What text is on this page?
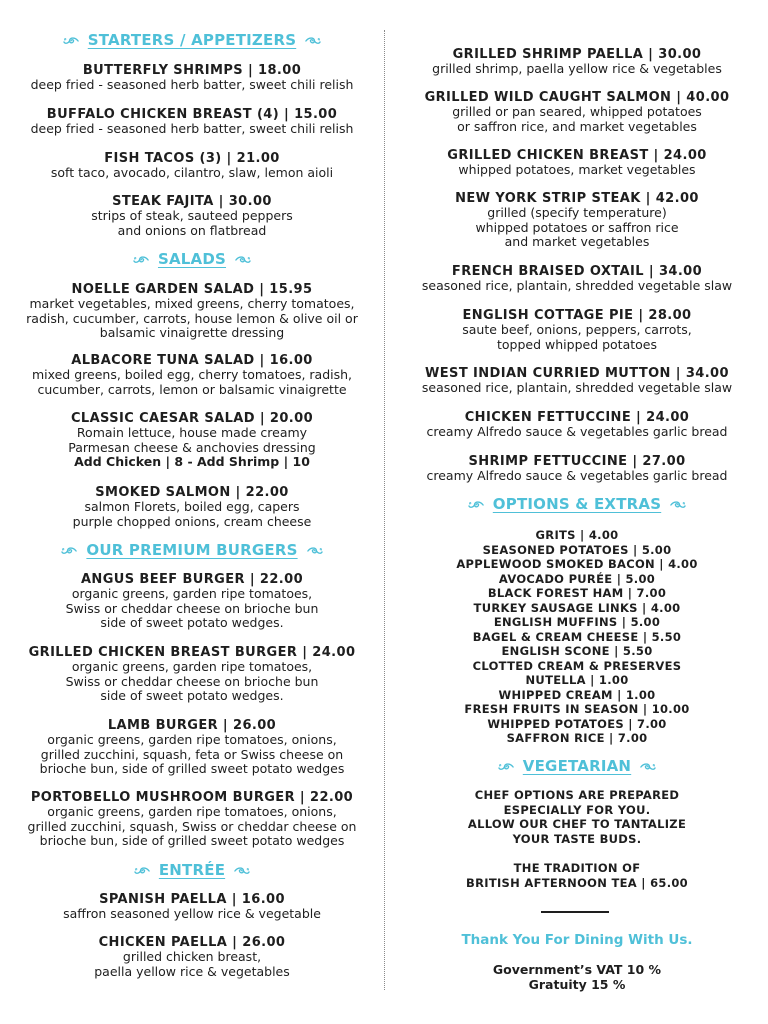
STARTERS / APPETIZERS
BUTTERFLY SHRIMPS | 18.00
deep fried - seasoned herb batter, sweet chili relish
BUFFALO CHICKEN BREAST (4) | 15.00
deep fried - seasoned herb batter, sweet chili relish
FISH TACOS (3) | 21.00
soft taco, avocado, cilantro, slaw, lemon aioli
STEAK FAJITA | 30.00
strips of steak, sauteed peppers
and onions on flatbread
SALADS
NOELLE GARDEN SALAD | 15.95
market vegetables, mixed greens, cherry tomatoes,
radish, cucumber, carrots, house lemon & olive oil or
balsamic vinaigrette dressing
ALBACORE TUNA SALAD | 16.00
mixed greens, boiled egg, cherry tomatoes, radish,
cucumber, carrots, lemon or balsamic vinaigrette
CLASSIC CAESAR SALAD | 20.00
Romain lettuce, house made creamy
Parmesan cheese & anchovies dressing
Add Chicken | 8 - Add Shrimp | 10
SMOKED SALMON | 22.00
salmon Florets, boiled egg, capers
purple chopped onions, cream cheese
OUR PREMIUM BURGERS
ANGUS BEEF BURGER | 22.00
organic greens, garden ripe tomatoes,
Swiss or cheddar cheese on brioche bun
side of sweet potato wedges.
GRILLED CHICKEN BREAST BURGER | 24.00
organic greens, garden ripe tomatoes,
Swiss or cheddar cheese on brioche bun
side of sweet potato wedges.
LAMB BURGER | 26.00
organic greens, garden ripe tomatoes, onions,
grilled zucchini, squash, feta or Swiss cheese on
brioche bun, side of grilled sweet potato wedges
PORTOBELLO MUSHROOM BURGER | 22.00
organic greens, garden ripe tomatoes, onions,
grilled zucchini, squash, Swiss or cheddar cheese on
brioche bun, side of grilled sweet potato wedges
ENTRÉE
SPANISH PAELLA | 16.00
saffron seasoned yellow rice & vegetable
CHICKEN PAELLA | 26.00
grilled chicken breast,
paella yellow rice & vegetables
GRILLED SHRIMP PAELLA | 30.00
grilled shrimp, paella yellow rice & vegetables
GRILLED WILD CAUGHT SALMON | 40.00
grilled or pan seared, whipped potatoes
or saffron rice, and market vegetables
GRILLED CHICKEN BREAST | 24.00
whipped potatoes, market vegetables
NEW YORK STRIP STEAK | 42.00
grilled (specify temperature)
whipped potatoes or saffron rice
and market vegetables
FRENCH BRAISED OXTAIL | 34.00
seasoned rice, plantain, shredded vegetable slaw
ENGLISH COTTAGE PIE | 28.00
saute beef, onions, peppers, carrots,
topped whipped potatoes
WEST INDIAN CURRIED MUTTON | 34.00
seasoned rice, plantain, shredded vegetable slaw
CHICKEN FETTUCCINE | 24.00
creamy Alfredo sauce & vegetables garlic bread
SHRIMP FETTUCCINE | 27.00
creamy Alfredo sauce & vegetables garlic bread
OPTIONS & EXTRAS
GRITS | 4.00
SEASONED POTATOES | 5.00
APPLEWOOD SMOKED BACON | 4.00
AVOCADO PURÉE | 5.00
BLACK FOREST HAM | 7.00
TURKEY SAUSAGE LINKS | 4.00
ENGLISH MUFFINS | 5.00
BAGEL & CREAM CHEESE | 5.50
ENGLISH SCONE | 5.50
CLOTTED CREAM & PRESERVES
NUTELLA | 1.00
WHIPPED CREAM | 1.00
FRESH FRUITS IN SEASON | 10.00
WHIPPED POTATOES | 7.00
SAFFRON RICE | 7.00
VEGETARIAN
CHEF OPTIONS ARE PREPARED
ESPECIALLY FOR YOU.
ALLOW OUR CHEF TO TANTALIZE
YOUR TASTE BUDS.
THE TRADITION OF
BRITISH AFTERNOON TEA | 65.00
Thank You For Dining With Us.
Government’s VAT 10 %
Gratuity 15 %
